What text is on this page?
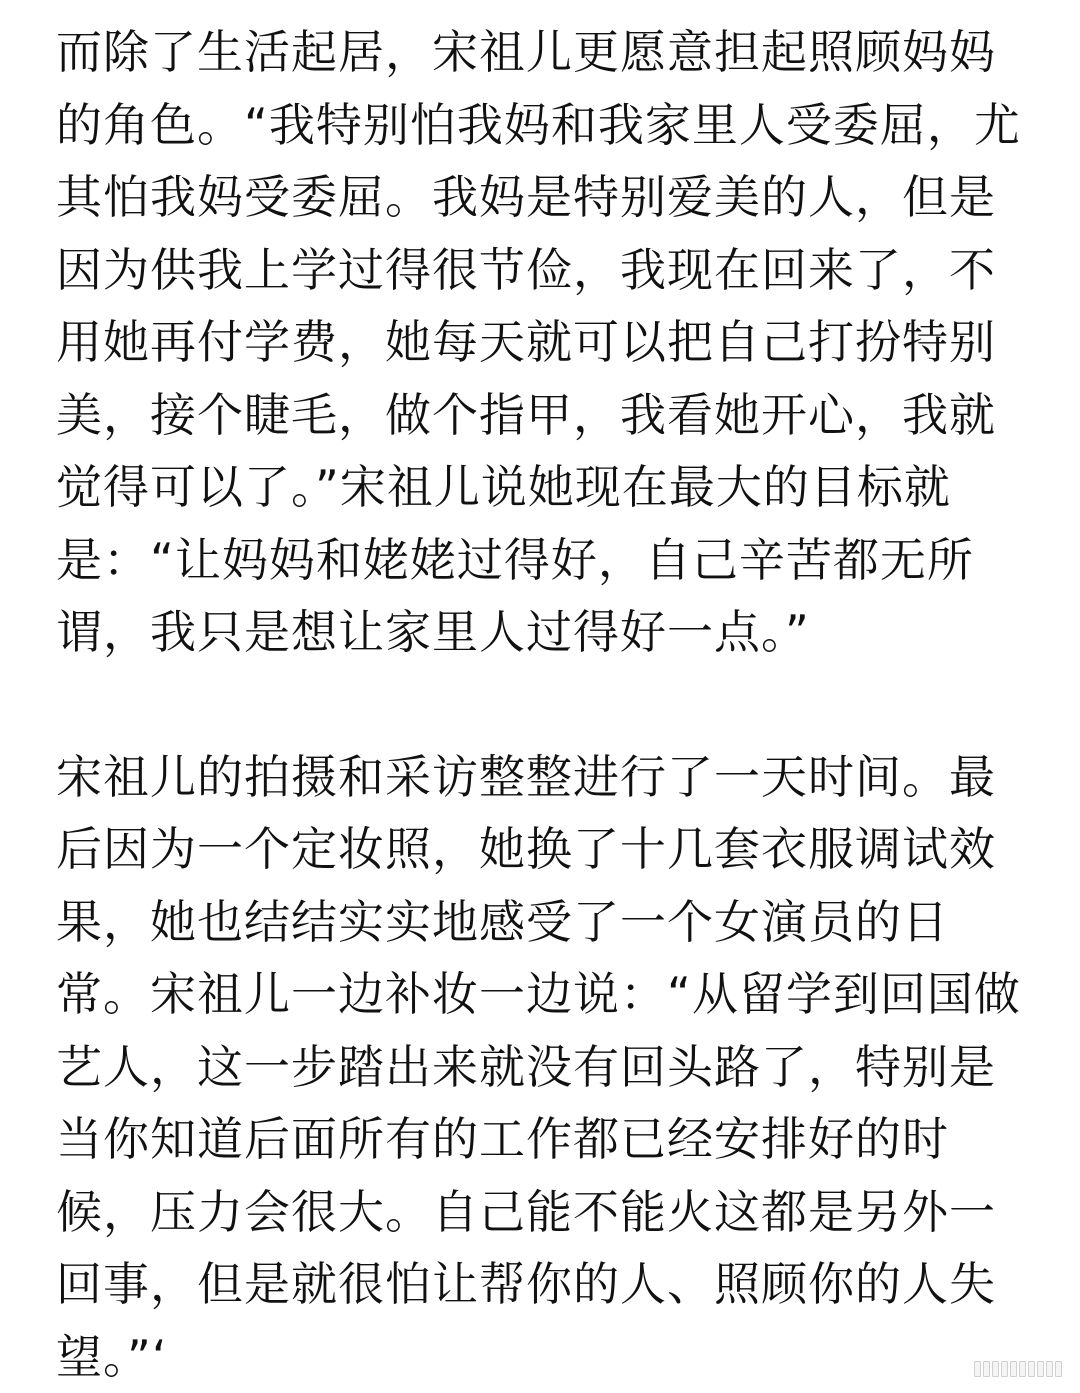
而除了生活起居，宋祖儿更愿意担起照顾妈妈
的角色。“我特别怕我妈和我家里人受委屈，尤
其怕我妈受委屈。我妈是特别爱美的人，但是
因为供我上学过得很节俭，我现在回来了，不
用她再付学费，她每天就可以把自己打扮特别
美，接个睫毛，做个指甲，我看她开心，我就
觉得可以了。”宋祖儿说她现在最大的目标就
是：“让妈妈和姥姥过得好，自己辛苦都无所
谓，我只是想让家里人过得好一点。”
宋祖儿的拍摄和采访整整进行了一天时间。最
后因为一个定妆照，她换了十几套衣服调试效
果，她也结结实实地感受了一个女演员的日
常。宋祖儿一边补妆一边说：“从留学到回国做
艺人，这一步踏出来就没有回头路了，特别是
当你知道后面所有的工作都已经安排好的时
候，压力会很大。自己能不能火这都是另外一
回事，但是就很怕让帮你的人、照顾你的人失
望。”‘
